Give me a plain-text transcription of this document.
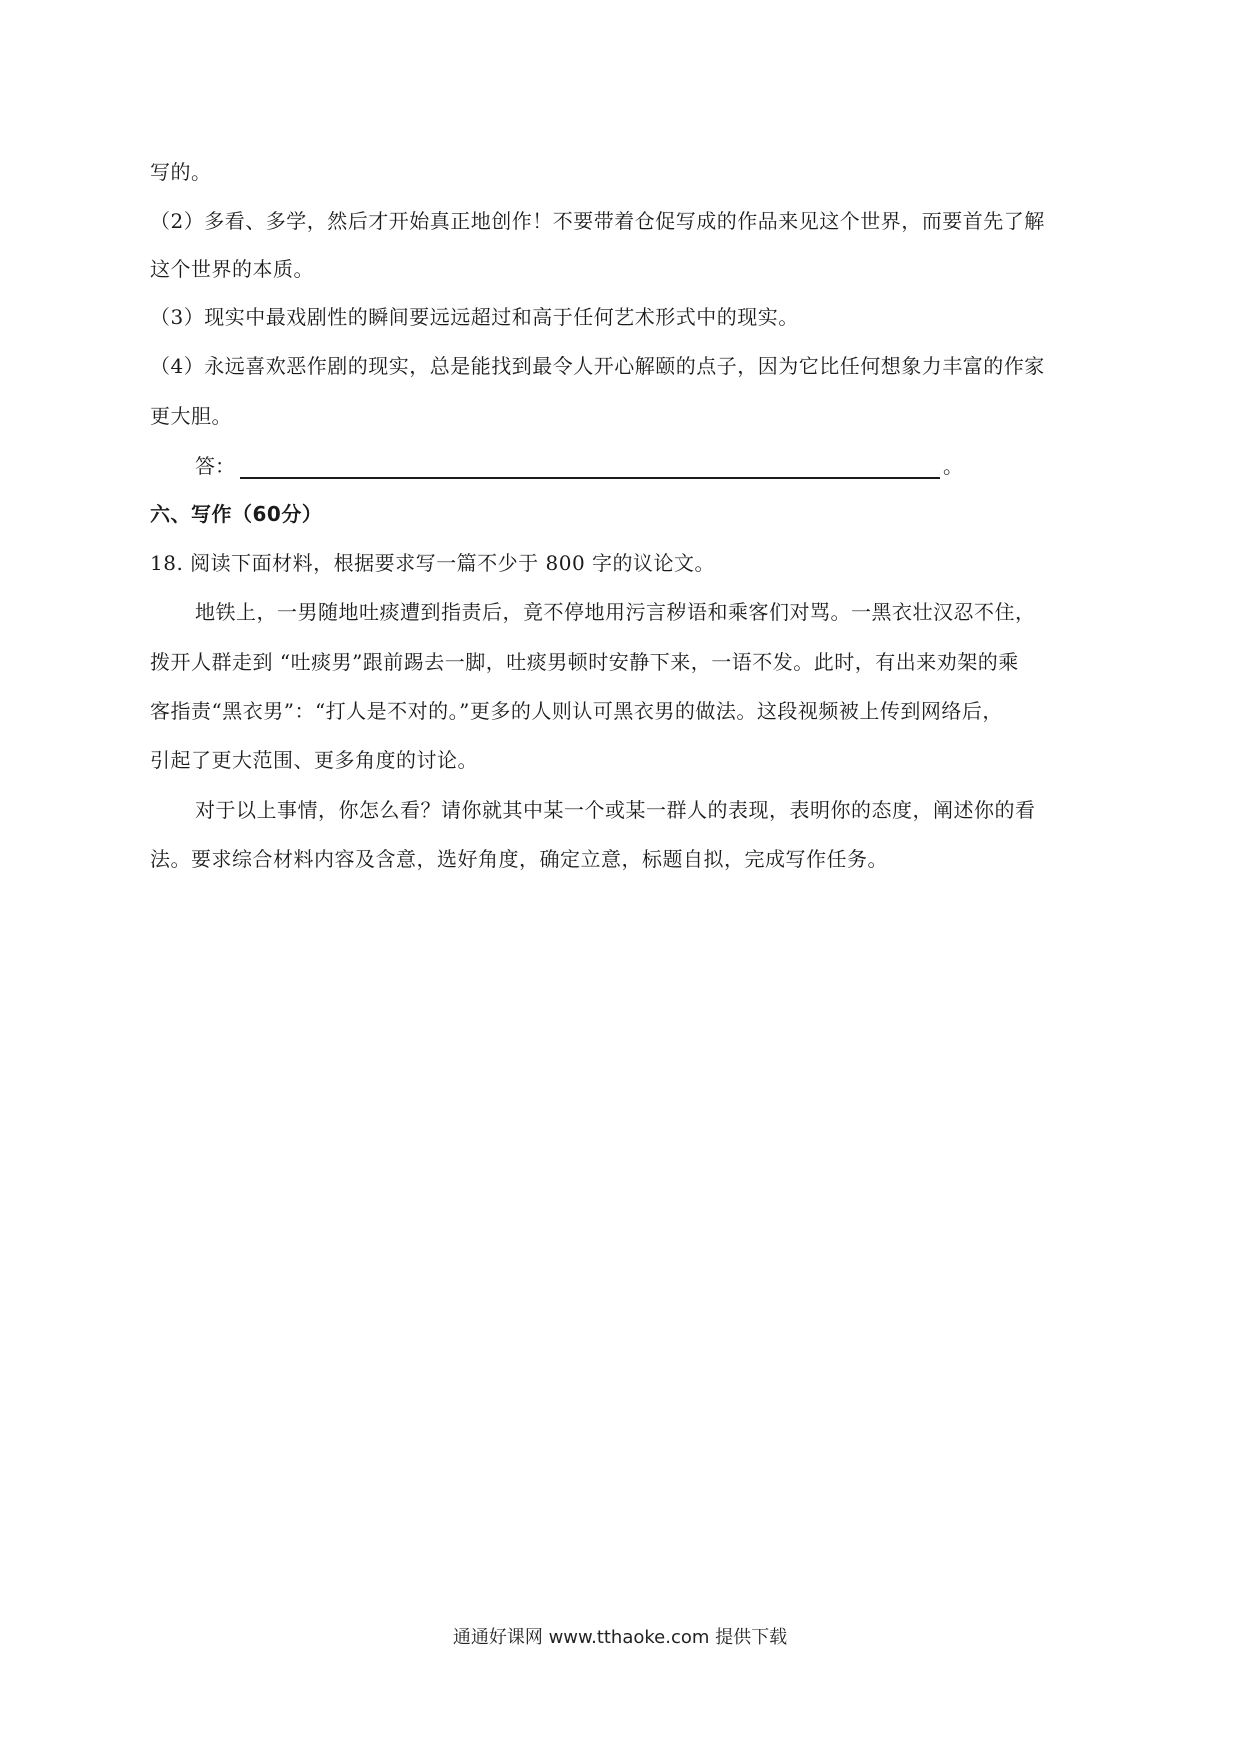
写的。
（2）多看、多学，然后才开始真正地创作！不要带着仓促写成的作品来见这个世界，而要首先了解
这个世界的本质。
（3）现实中最戏剧性的瞬间要远远超过和高于任何艺术形式中的现实。
（4）永远喜欢恶作剧的现实，总是能找到最令人开心解颐的点子，因为它比任何想象力丰富的作家
更大胆。
答：	。
六、写作（60分）
18. 阅读下面材料，根据要求写一篇不少于 800 字的议论文。
地铁上，一男随地吐痰遭到指责后，竟不停地用污言秽语和乘客们对骂。一黑衣壮汉忍不住，
拨开人群走到 “吐痰男”跟前踢去一脚，吐痰男顿时安静下来，一语不发。此时，有出来劝架的乘
客指责“黑衣男”：“打人是不对的。”更多的人则认可黑衣男的做法。这段视频被上传到网络后，
引起了更大范围、更多角度的讨论。
对于以上事情，你怎么看？请你就其中某一个或某一群人的表现，表明你的态度，阐述你的看
法。要求综合材料内容及含意，选好角度，确定立意，标题自拟，完成写作任务。
通通好课网 www.tthaoke.com 提供下载
